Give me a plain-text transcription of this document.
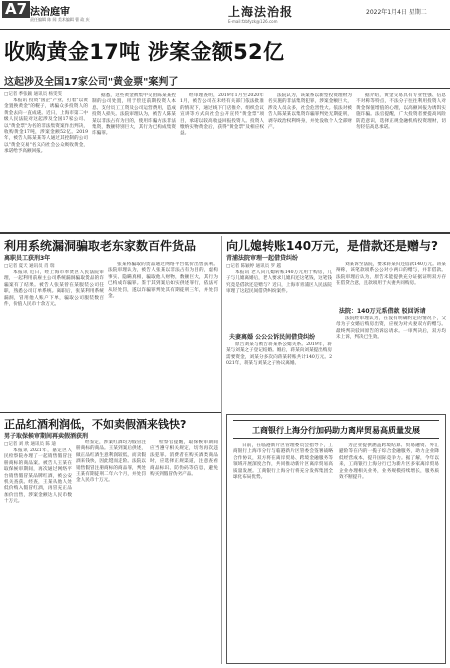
A7 法治庭审
责任编辑 陈 闻 美术编辑 曹 政 庆
上海法治报
E-mail:fzbfyzk@126.com
2022年1月4日 星期二
收购黄金17吨 涉案金额52亿
这起涉及全国17家公司"黄金票"案判了
□记者 季张颖 通讯员 杨雯雯

本报讯 投资"国企"产业，打着"以黄金置换黄金"的幌子，诱骗众多投资人的黄金去向一直成谜。近日，上海市第二中级人民法院对这起涉及全国17家公司、以"黄金票"为名的非法集资案作出判决，收购黄金17吨，涉案金额52亿。2019年，被告人陈某某等人通过其控制的公司以"黄金交易"名义向社会公众吸收黄金，承诺给予高额回报。

据悉，这些黄金被集中交由陈某某控制的公司处置，用于偿还前期投资人本息、支付员工工资及公司运营费用，造成投资人损失。法院审理认为，被告人陈某某以非法占有为目的，使用诈骗方法非法集资，数额特别巨大，其行为已构成集资诈骗罪。

经审理查明，2019年1月至2020年1月，被告公司在未经有关部门依法批准的情况下，通过线下门店推介、组织会议宣讲等方式向社会公开宣传"黄金票"项目，承诺以较高收益回报投资人。投资人缴纳实物黄金后，获得"黄金票"及相应权益。

法院认为，该案系以新型投资理财为名实施的非法集资犯罪，涉案金额巨大，涉及人员众多，社会危害性大。依法对被告人陈某某以集资诈骗罪判处无期徒刑，剥夺政治权利终身，并处没收个人全部财产。

据介绍，黄金交易具有专业性强、信息不对称等特点，不法分子往往利用投资人对黄金保值增值的心理，以高额回报为诱饵实施诈骗。法官提醒，广大投资者要提高风险防范意识，选择正规金融机构投资理财，切勿轻信高息承诺。

利用系统漏洞骗取老东家数百件货品
离职员工获刑3年
□记者 夏天 通讯员 肖 瑞

本报讯 近日，经上海市奉贤区人民法院审理，一起利用前雇主公司系统漏洞骗取货品的诈骗案有了结果。被告人张某曾在某服装公司任职，熟悉公司订单系统。离职后，张某利用系统漏洞，冒用他人账户下单，骗取公司服装数百件，价值人民币十余万元。

张某将骗取的货品通过网络平台低价出售获利。法院审理认为，被告人张某以非法占有为目的，虚构事实、隐瞒真相，骗取他人财物，数额巨大，其行为已构成诈骗罪。鉴于其到案后如实供述罪行，依法可从轻处罚，遂以诈骗罪判处其有期徒刑三年，并处罚金。

向儿媳转账140万元，是借款还是赠与?
青浦法院审理一起借贷纠纷
□记者 陈颖婷 通讯员 罗 越

本报讯 老人向儿媳转账140万元用于购房，儿子与儿媳离婚后，老人要求儿媳归还这笔钱，这笔钱究竟是借款还是赠与？近日，上海市青浦区人民法院审理了这起民间借贷纠纷案件。

夫妻离婚 公公公诉民间借贷纠纷

原告刘某与被告蒋某系公媳关系。2019年，蒋某与刘某之子登记结婚。婚后，蒋某向刘某提出购房需要资金，刘某分多次向蒋某转账共计140万元。2021年，蒋某与刘某之子协议离婚。

刘某诉至法院，要求蒋某归还借款140万元。蒋某辩称，该笔款项系公公对小两口的赠与，并非借款。法院审理后认为，原告未能提供充分证据证明双方存在借贷合意，且款项用于夫妻共同购房。

法院：140万元系借款 驳回诉请

法院经审理认为，在没有明确约定的情况下，父母为子女婚后购房出资，应视为对夫妻双方的赠与。最终判决驳回原告的诉讼请求。一审判决后，双方均未上诉，判决已生效。

正品红酒利润低，不如卖假酒来钱快?
男子取保候审期间再卖假酒获刑
□记者 刘 欣 通讯员 陈 迪

本报讯 2021年，嘉定区人民检察院办理了一起销售假冒注册商标的商品案。被告人王某在取保候审期间，再次通过网络平台销售假冒某品牌红酒，被公安机关查获。经查，王某从他人处低价购入假冒红酒，再冒充正品加价出售，涉案金额达人民币数十万元。

经鉴定，涉案红酒均为假冒注册商标的商品。王某到案后供述，做正品红酒生意利润较低，而卖假酒来钱快，因此铤而走险。法院以销售假冒注册商标的商品罪，判处王某有期徒刑二年六个月，并处罚金人民币十万元。

检察官提醒，取保候审期间应当遵守相关规定，切勿再次违法犯罪。消费者在购买酒类商品时，应选择正规渠道，注意查看商品标识、防伪码等信息，避免购买到假冒伪劣产品。

工商银行上海分行加码助力离岸贸易高质量发展

日前，在临港新片区管理委员会指导下，工商银行上海市分行与临港新片区管委会签署战略合作协议，双方将在离岸贸易、跨境金融服务等领域开展深度合作，共同推动新片区离岸贸易高质量发展。工商银行上海分行将充分发挥集团全球化布局优势。

为企业提供涵盖跨境结算、贸易融资、外汇避险等在内的一揽子综合金融服务，助力企业降低经营成本，提升国际竞争力。据了解，今年以来，工商银行上海分行已为新片区多家离岸贸易企业办理相关业务，业务规模持续增长，服务质效不断提升。
